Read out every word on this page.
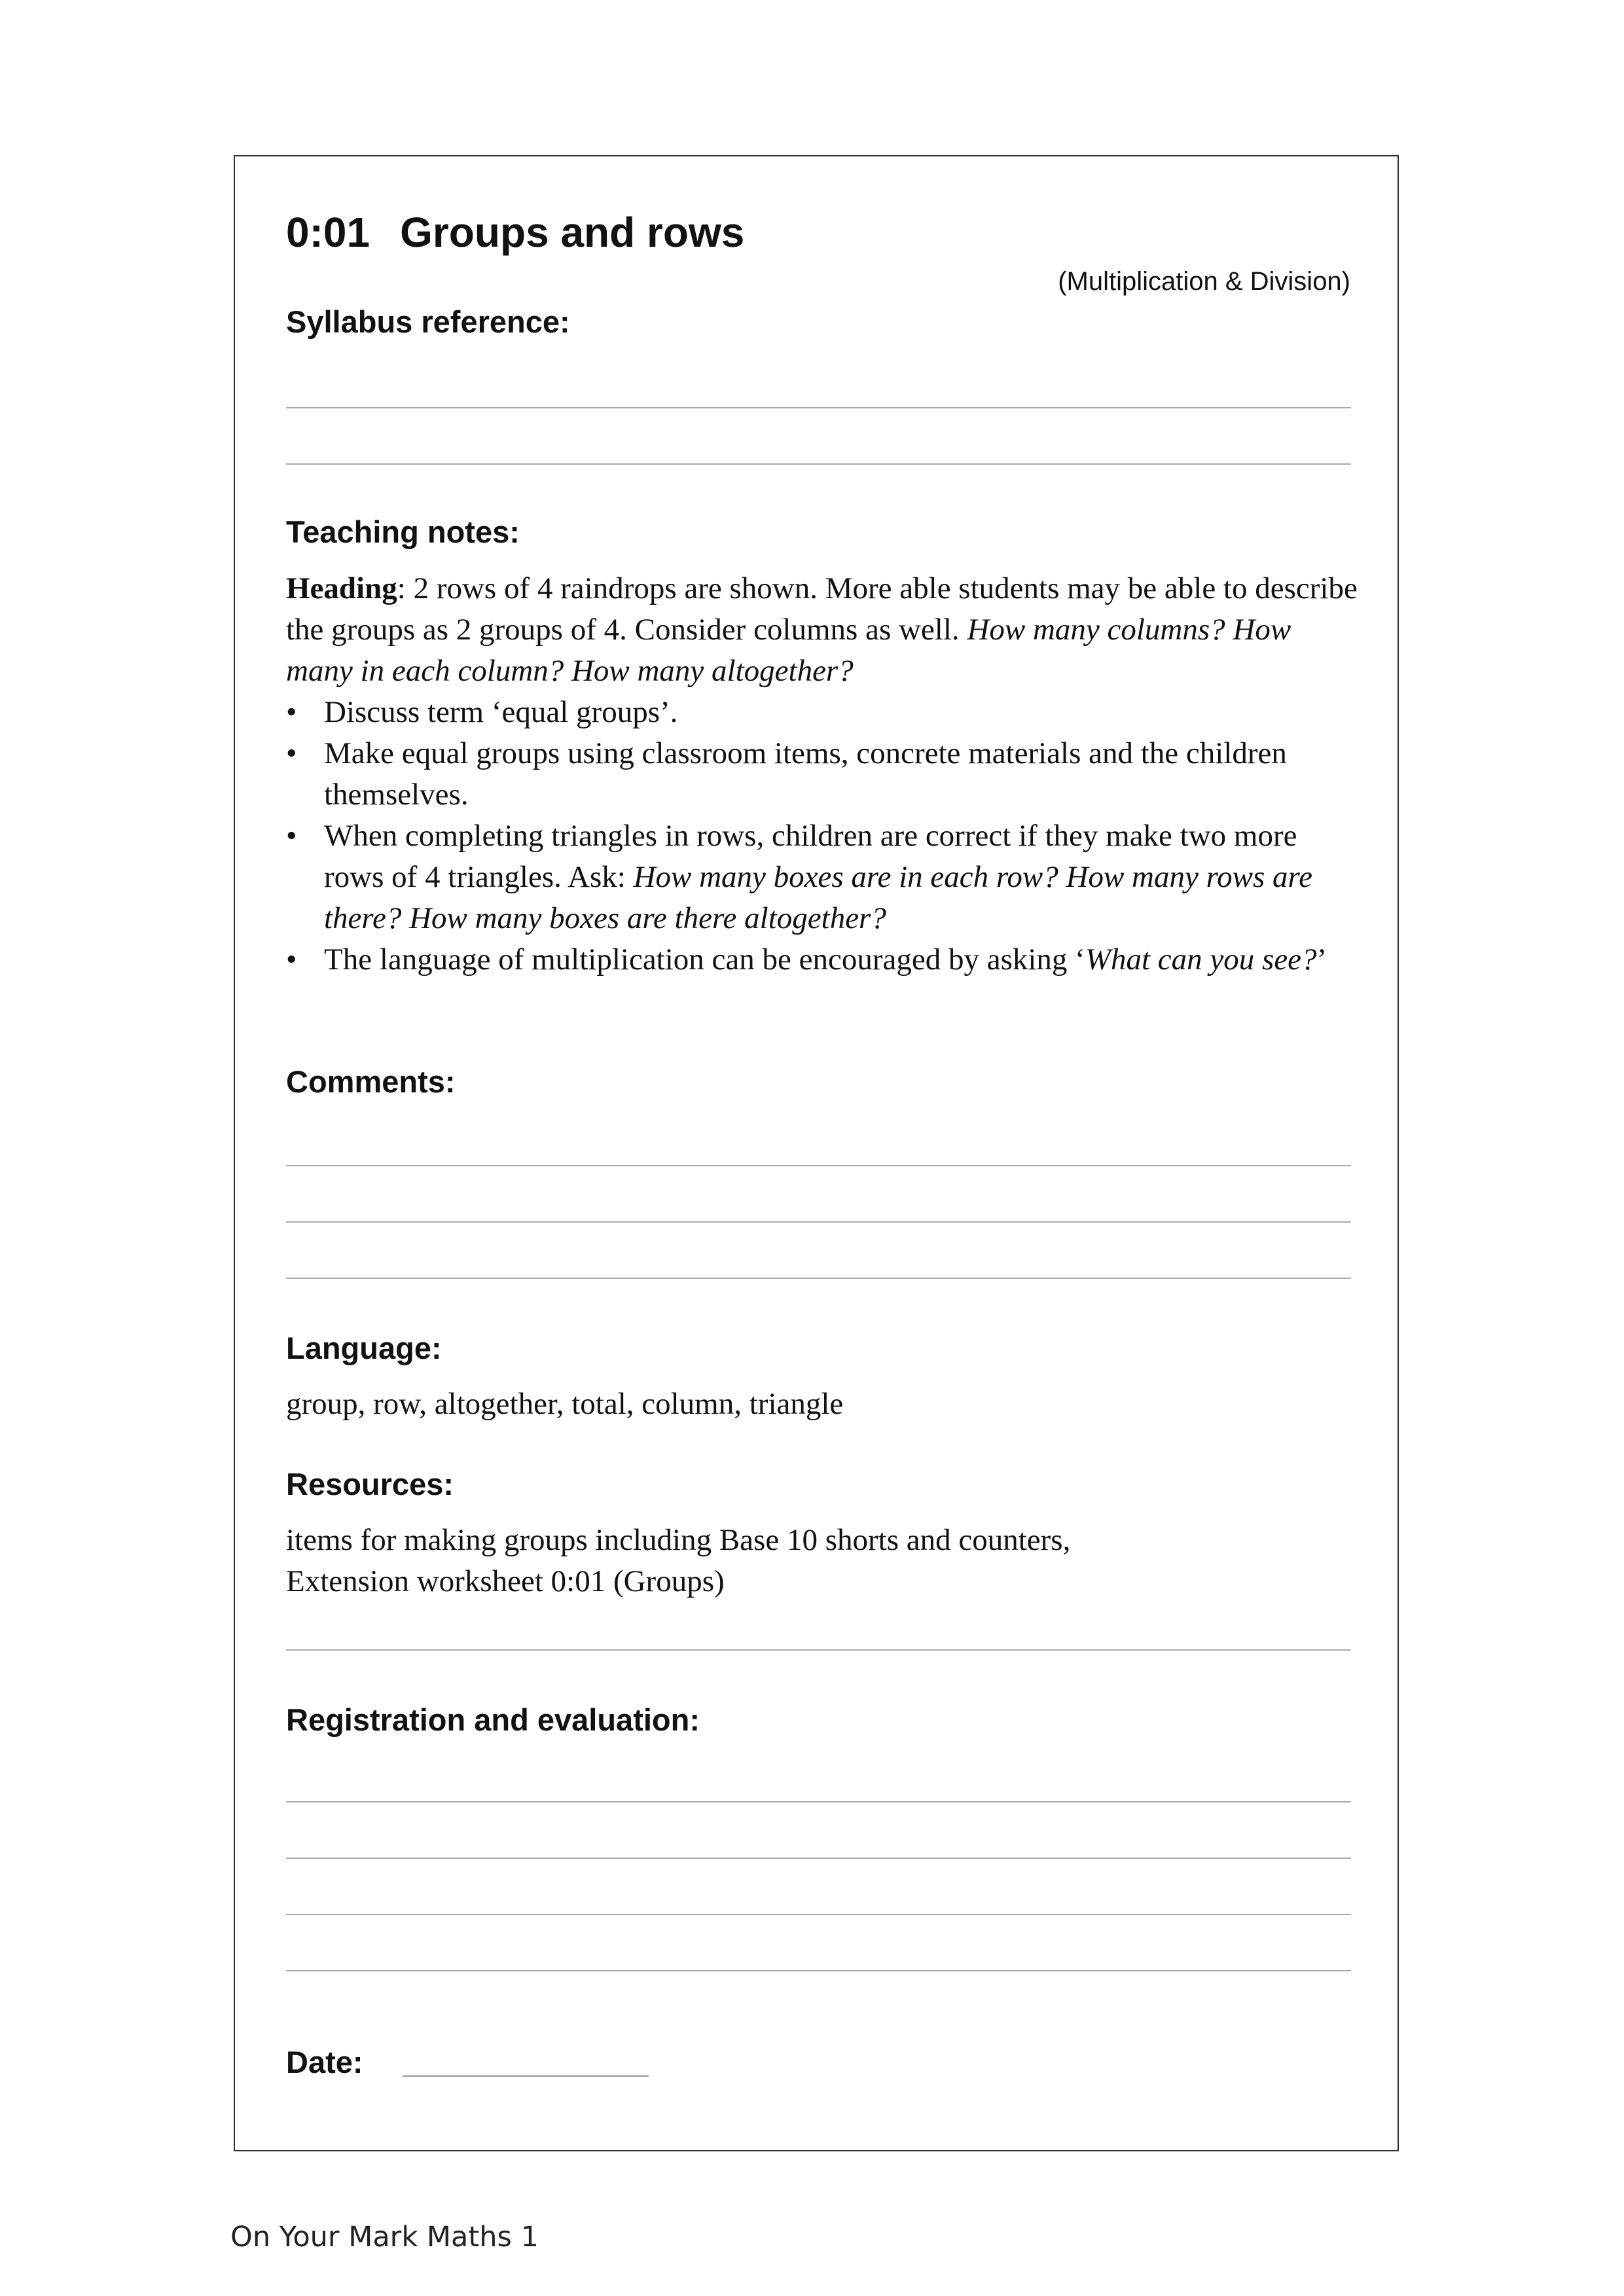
0:01 Groups and rows
(Multiplication & Division)
Syllabus reference:
Teaching notes:

Heading: 2 rows of 4 raindrops are shown. More able students may be able to describe the groups as 2 groups of 4. Consider columns as well. How many columns? How many in each column? How many altogether?

• Discuss term ‘equal groups’.
• Make equal groups using classroom items, concrete materials and the children themselves.
• When completing triangles in rows, children are correct if they make two more rows of 4 triangles. Ask: How many boxes are in each row? How many rows are there? How many boxes are there altogether?
• The language of multiplication can be encouraged by asking ‘What can you see?’
Comments:
Language:
group, row, altogether, total, column, triangle
Resources:

items for making groups including Base 10 shorts and counters,

Extension worksheet 0:01 (Groups)

Registration and evaluation:
Date:
On Your Mark Maths 1
